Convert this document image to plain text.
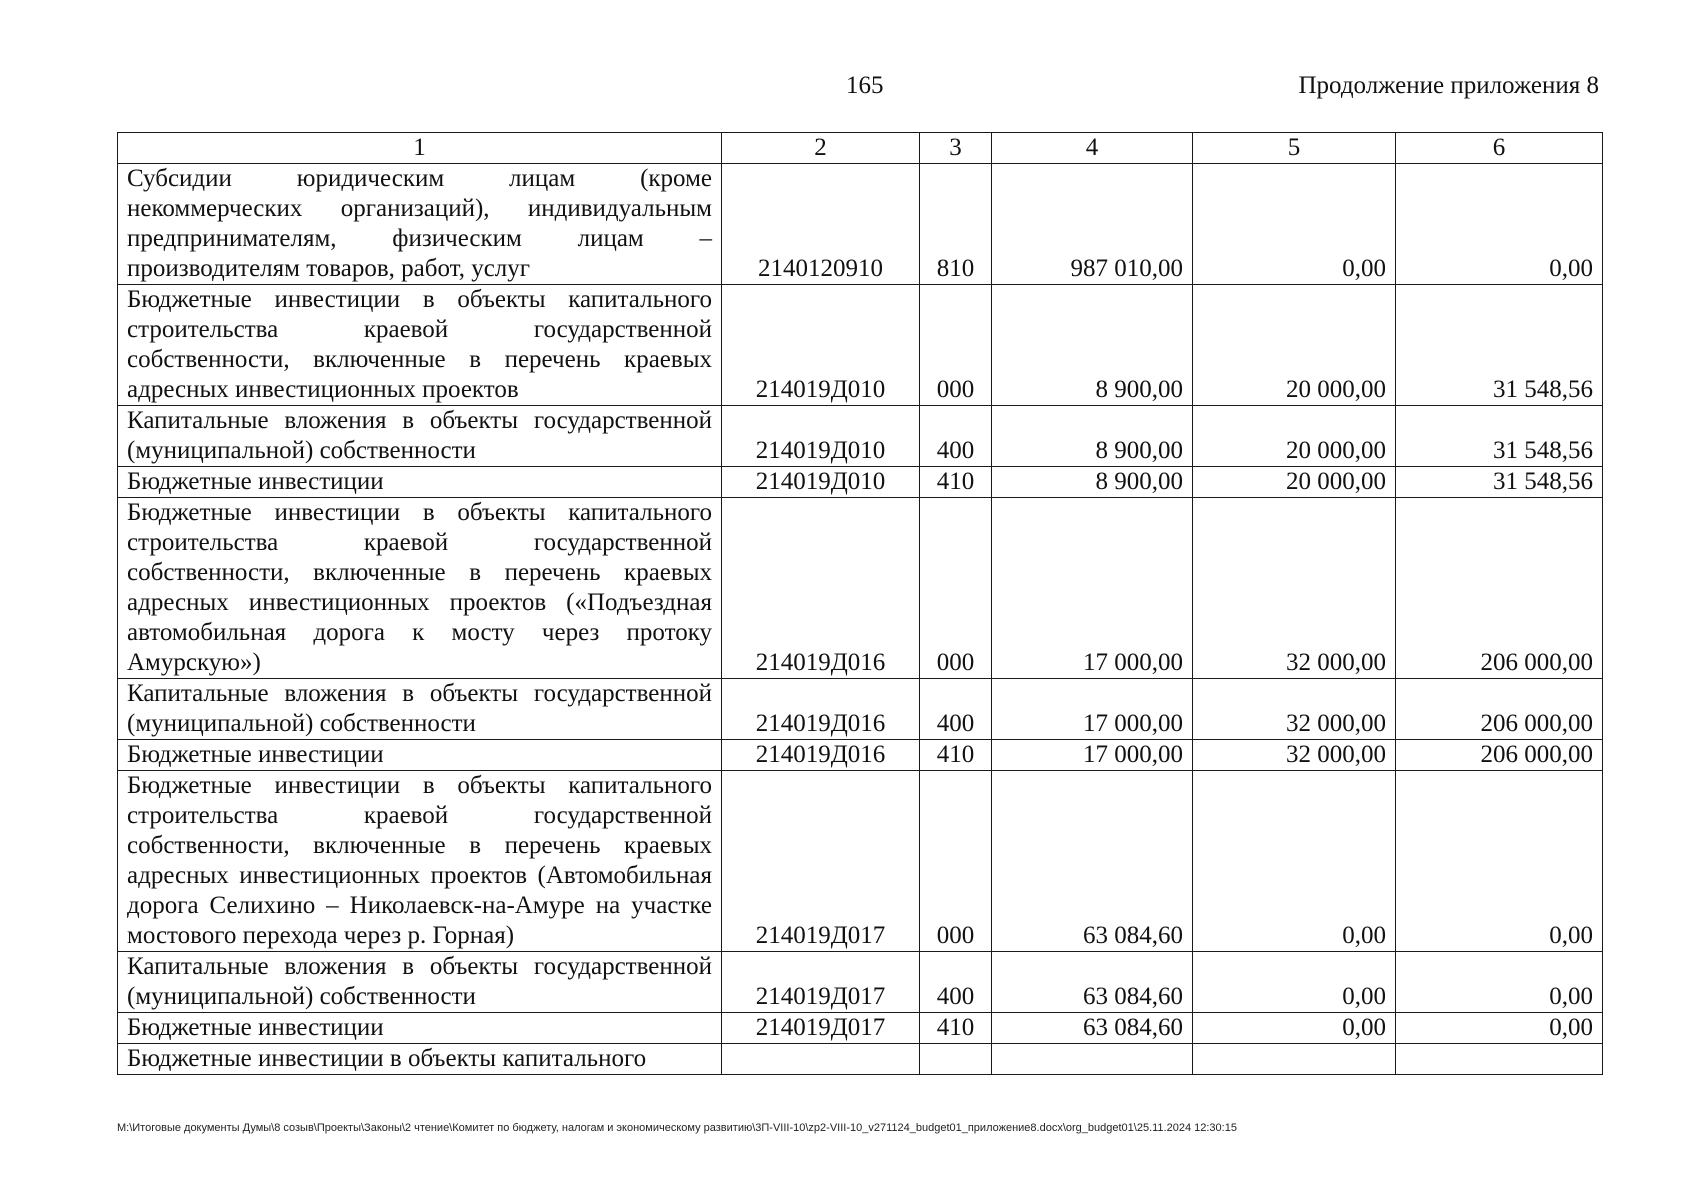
165	Продолжение приложения 8
1	2	3	4	5	6
Субсидии юридическим лицам (кроме некоммерческих организаций), индивидуальным предпринимателям, физическим лицам – производителям товаров, работ, услуг	2140120910	810	987 010,00	0,00	0,00
Бюджетные инвестиции в объекты капитального строительства краевой государственной собственности, включенные в перечень краевых адресных инвестиционных проектов	214019Д010	000	8 900,00	20 000,00	31 548,56
Капитальные вложения в объекты государственной (муниципальной) собственности	214019Д010	400	8 900,00	20 000,00	31 548,56
Бюджетные инвестиции	214019Д010	410	8 900,00	20 000,00	31 548,56
Бюджетные инвестиции в объекты капитального строительства краевой государственной собственности, включенные в перечень краевых адресных инвестиционных проектов («Подъездная автомобильная дорога к мосту через протоку Амурскую»)	214019Д016	000	17 000,00	32 000,00	206 000,00
Капитальные вложения в объекты государственной (муниципальной) собственности	214019Д016	400	17 000,00	32 000,00	206 000,00
Бюджетные инвестиции	214019Д016	410	17 000,00	32 000,00	206 000,00
Бюджетные инвестиции в объекты капитального строительства краевой государственной собственности, включенные в перечень краевых адресных инвестиционных проектов (Автомобильная дорога Селихино – Николаевск-на-Амуре на участке мостового перехода через р. Горная)	214019Д017	000	63 084,60	0,00	0,00
Капитальные вложения в объекты государственной (муниципальной) собственности	214019Д017	400	63 084,60	0,00	0,00
Бюджетные инвестиции	214019Д017	410	63 084,60	0,00	0,00
Бюджетные инвестиции в объекты капитального					
M:\Итоговые документы Думы\8 созыв\Проекты\Законы\2 чтение\Комитет по бюджету, налогам и экономическому развитию\3П-VIII-10\zp2-VIII-10_v271124_budget01_приложение8.docx\org_budget01\25.11.2024 12:30:15
